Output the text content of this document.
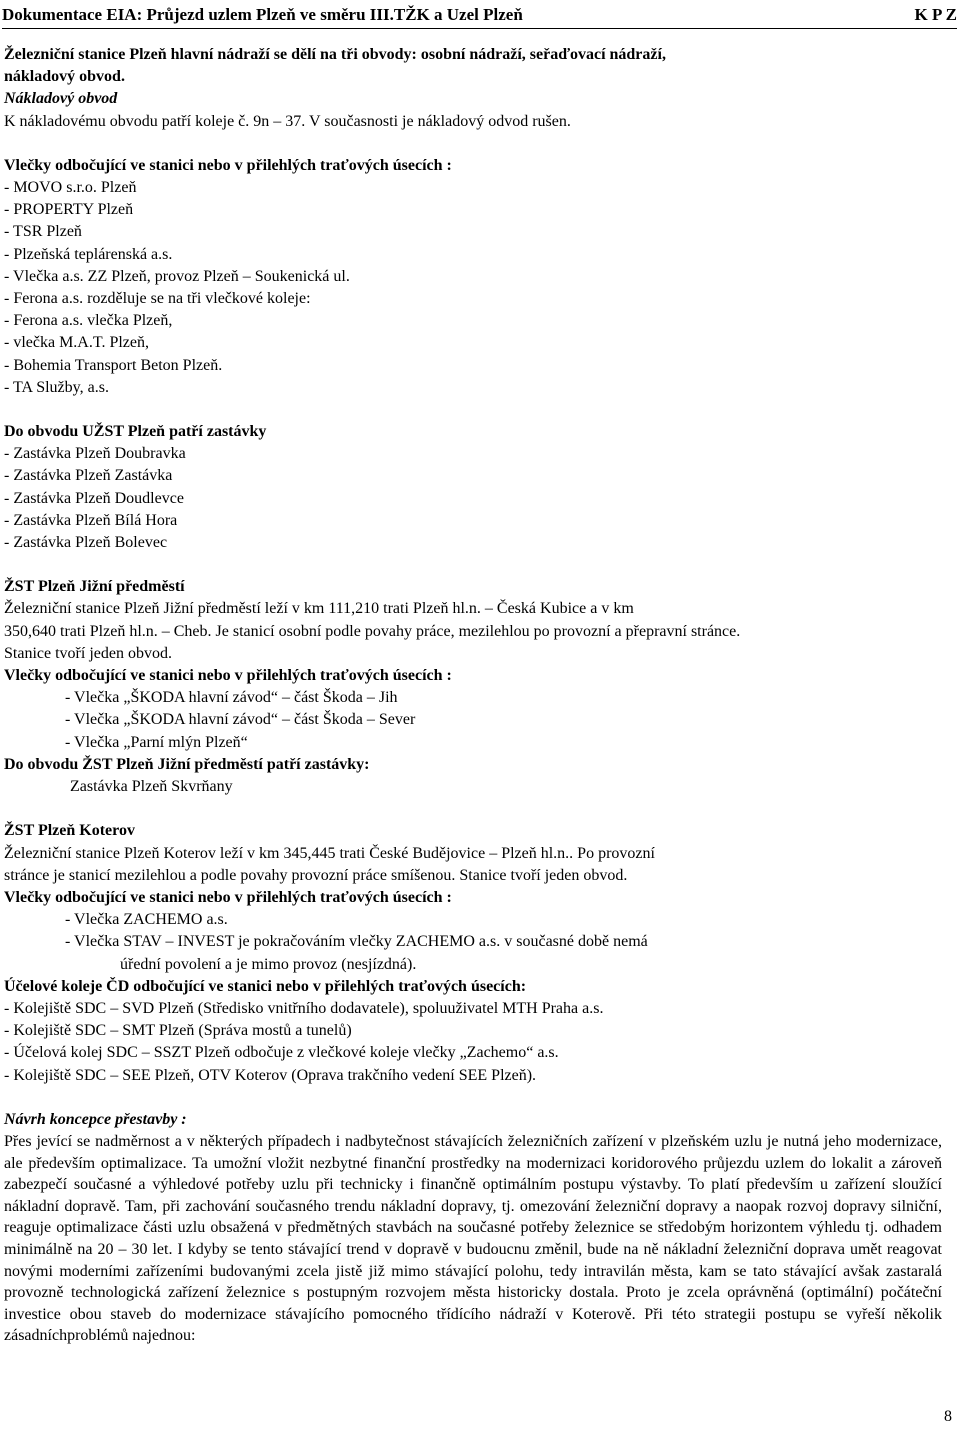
Dokumentace EIA: Průjezd uzlem Plzeň ve směru III.TŽK a Uzel Plzeň	K P Z
Železniční stanice Plzeň hlavní nádraží se dělí na tři obvody: osobní nádraží, seřaďovací nádraží,
nákladový obvod.
Nákladový obvod
K nákladovému obvodu patří koleje č. 9n – 37. V současnosti je nákladový odvod rušen.
Vlečky odbočující ve stanici nebo v přilehlých traťových úsecích :
- MOVO s.r.o. Plzeň
- PROPERTY Plzeň
- TSR Plzeň
- Plzeňská teplárenská a.s.
- Vlečka a.s. ZZ Plzeň, provoz Plzeň – Soukenická ul.
- Ferona a.s. rozděluje se na tři vlečkové koleje:
- Ferona a.s. vlečka Plzeň,
- vlečka M.A.T. Plzeň,
- Bohemia Transport Beton Plzeň.
- TA Služby, a.s.
Do obvodu UŽST Plzeň patří zastávky
- Zastávka Plzeň Doubravka
- Zastávka Plzeň Zastávka
- Zastávka Plzeň Doudlevce
- Zastávka Plzeň Bílá Hora
- Zastávka Plzeň Bolevec
ŽST Plzeň Jižní předměstí
Železniční stanice Plzeň Jižní předměstí leží v km 111,210 trati Plzeň hl.n. – Česká Kubice a v km
350,640 trati Plzeň hl.n. – Cheb. Je stanicí osobní podle povahy práce, mezilehlou po provozní a přepravní stránce.
Stanice tvoří jeden obvod.
Vlečky odbočující ve stanici nebo v přilehlých traťových úsecích :
- Vlečka „ŠKODA hlavní závod“ – část Škoda – Jih
- Vlečka „ŠKODA hlavní závod“ – část Škoda – Sever
- Vlečka „Parní mlýn Plzeň“
Do obvodu ŽST Plzeň Jižní předměstí patří zastávky:
Zastávka Plzeň Skvrňany
ŽST Plzeň Koterov
Železniční stanice Plzeň Koterov leží v km 345,445 trati České Budějovice – Plzeň hl.n.. Po provozní
stránce je stanicí mezilehlou a podle povahy provozní práce smíšenou. Stanice tvoří jeden obvod.
Vlečky odbočující ve stanici nebo v přilehlých traťových úsecích :
- Vlečka ZACHEMO a.s.
- Vlečka STAV – INVEST je pokračováním vlečky ZACHEMO a.s. v současné době nemá
úřední povolení a je mimo provoz (nesjízdná).
Účelové koleje ČD odbočující ve stanici nebo v přilehlých traťových úsecích:
- Kolejiště SDC – SVD Plzeň (Středisko vnitřního dodavatele), spoluuživatel MTH Praha a.s.
- Kolejiště SDC – SMT Plzeň (Správa mostů a tunelů)
- Účelová kolej SDC – SSZT Plzeň odbočuje z vlečkové koleje vlečky „Zachemo“ a.s.
- Kolejiště SDC – SEE Plzeň, OTV Koterov (Oprava trakčního vedení SEE Plzeň).
Návrh koncepce přestavby :
Přes jevící se nadměrnost a v některých případech i nadbytečnost stávajících železničních zařízení v plzeňském uzlu je nutná jeho modernizace, ale především optimalizace. Ta umožní vložit nezbytné finanční prostředky na modernizaci koridorového průjezdu uzlem do lokalit a zároveň zabezpečí současné a výhledové potřeby uzlu při technicky i finančně optimálním postupu výstavby. To platí především u zařízení sloužící nákladní dopravě. Tam, při zachování současného trendu nákladní dopravy, tj. omezování železniční dopravy a naopak rozvoj dopravy silniční, reaguje optimalizace části uzlu obsažená v předmětných stavbách na současné potřeby železnice se středobým horizontem výhledu tj. odhadem minimálně na 20 – 30 let. I kdyby se tento stávající trend v dopravě v budoucnu změnil, bude na ně nákladní železniční doprava umět reagovat novými moderními zařízeními budovanými zcela jistě již mimo stávající polohu, tedy intravilán města, kam se tato stávající avšak zastaralá provozně technologická zařízení železnice s postupným rozvojem města historicky dostala. Proto je zcela oprávněná (optimální) počáteční investice obou staveb do modernizace stávajícího pomocného třídícího nádraží v Koterově. Při této strategii postupu se vyřeší několik zásadníchproblémů najednou:
8
